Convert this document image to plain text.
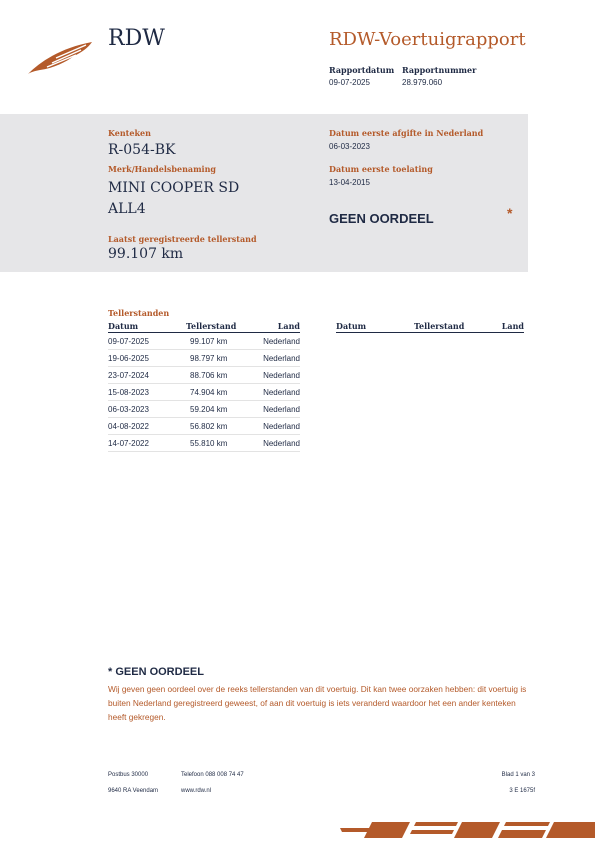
RDW	RDW-Voertuigrapport
Rapportdatum
09-07-2025
Rapportnummer
28.979.060
Kenteken
R-054-BK
Merk/Handelsbenaming
MINI COOPER SD
ALL4
Laatst geregistreerde tellerstand
99.107 km
Datum eerste afgifte in Nederland
06-03-2023
Datum eerste toelating
13-04-2015
GEEN OORDEEL	*
Tellerstanden
Datum	Tellerstand	Land
09-07-2025	99.107 km	Nederland
19-06-2025	98.797 km	Nederland
23-07-2024	88.706 km	Nederland
15-08-2023	74.904 km	Nederland
06-03-2023	59.204 km	Nederland
04-08-2022	56.802 km	Nederland
14-07-2022	55.810 km	Nederland
Datum	Tellerstand	Land
* GEEN OORDEEL
Wij geven geen oordeel over de reeks tellerstanden van dit voertuig. Dit kan twee oorzaken hebben: dit voertuig is buiten Nederland geregistreerd geweest, of aan dit voertuig is iets veranderd waardoor het een ander kenteken heeft gekregen.
Postbus 30000
9640 RA Veendam
Telefoon 088 008 74 47
www.rdw.nl
Blad 1 van 3
3 E 1675f
